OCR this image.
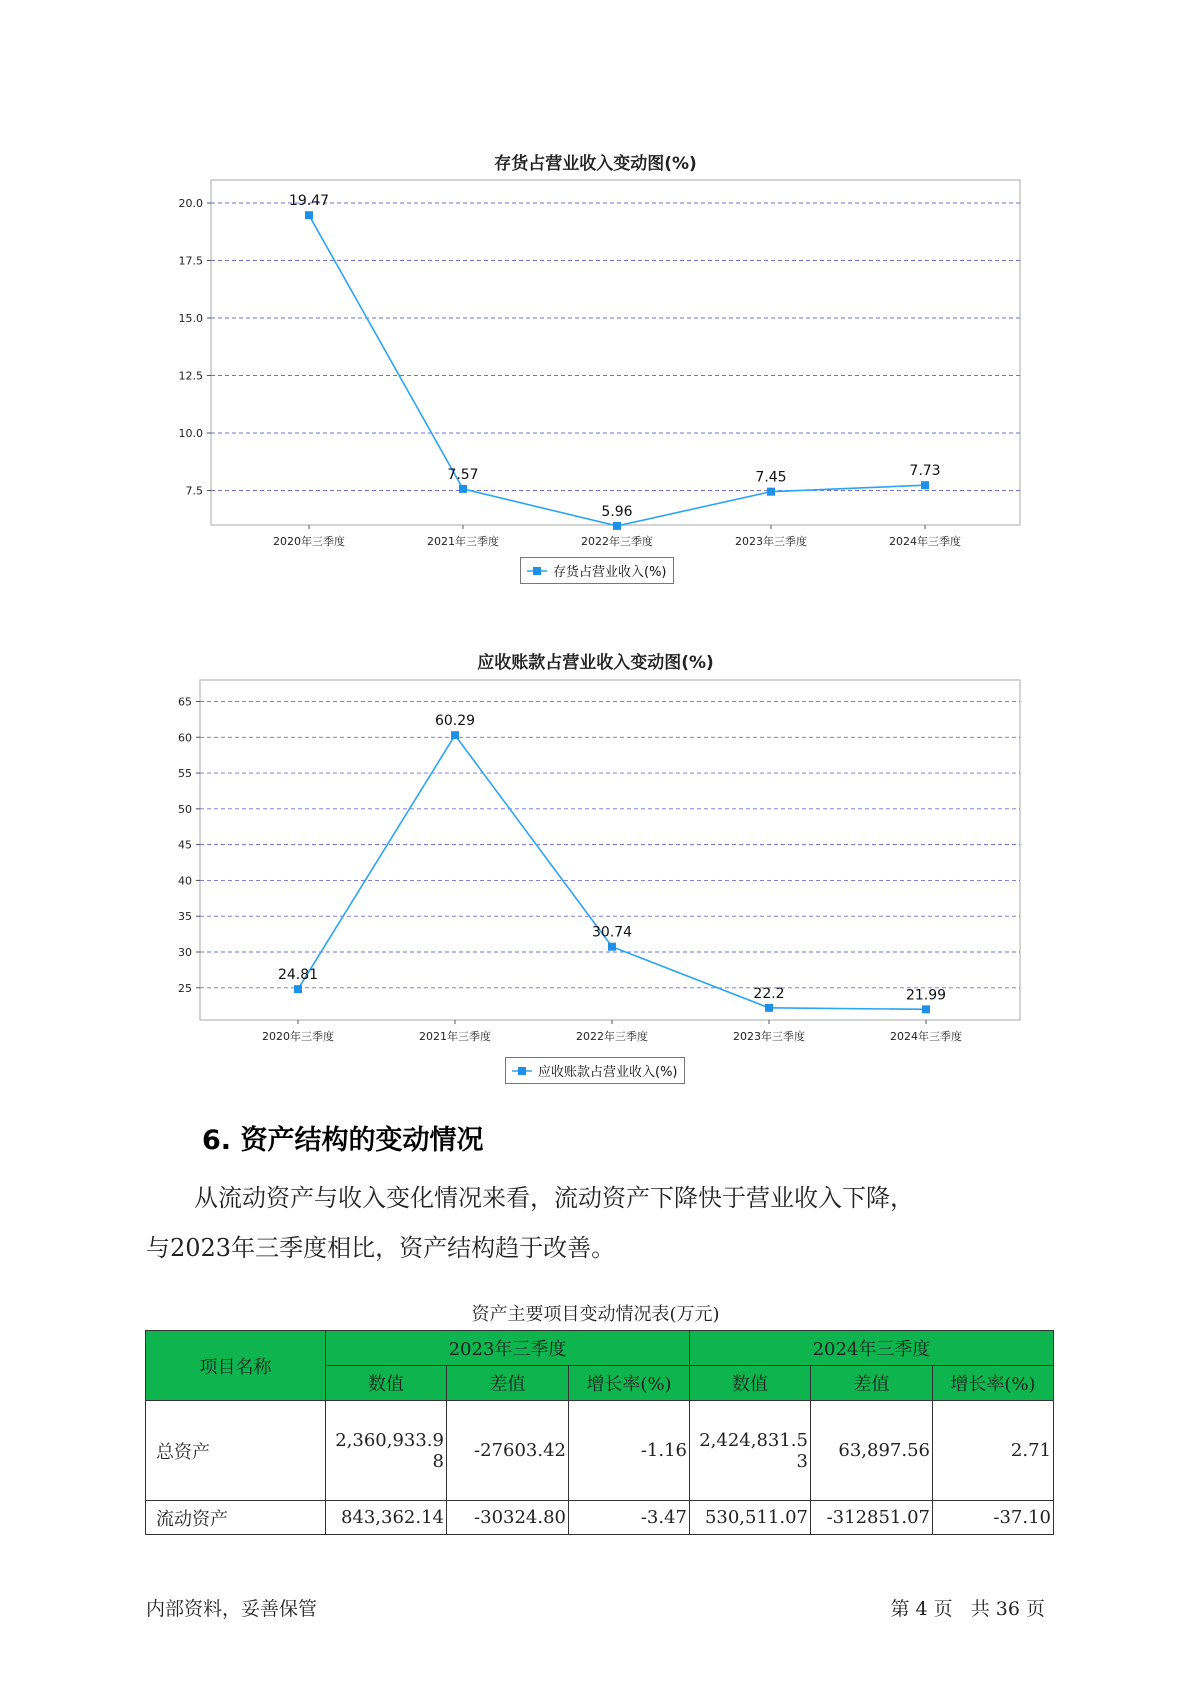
存货占营业收入变动图(%)
7.5
10.0
12.5
15.0
17.5
20.0
2020年三季度	2021年三季度	2022年三季度	2023年三季度	2024年三季度
19.47
7.57
5.96
7.45	7.73
存货占营业收入(%)
应收账款占营业收入变动图(%)
25
30
35
40
45
50
55
60
65
2020年三季度	2021年三季度	2022年三季度	2023年三季度	2024年三季度
24.81
60.29
30.74
22.2	21.99
应收账款占营业收入(%)
6. 资产结构的变动情况
从流动资产与收入变化情况来看，流动资产下降快于营业收入下降，
与2023年三季度相比，资产结构趋于改善。
资产主要项目变动情况表(万元)
项目名称	2023年三季度			2024年三季度		
	数值	差值	增长率(%)	数值	差值	增长率(%)
总资产	2,360,933.98	-27603.42	-1.16	2,424,831.53	63,897.56	2.71
流动资产	843,362.14	-30324.80	-3.47	530,511.07	-312851.07	-37.10
内部资料，妥善保管	第 4 页   共 36 页
